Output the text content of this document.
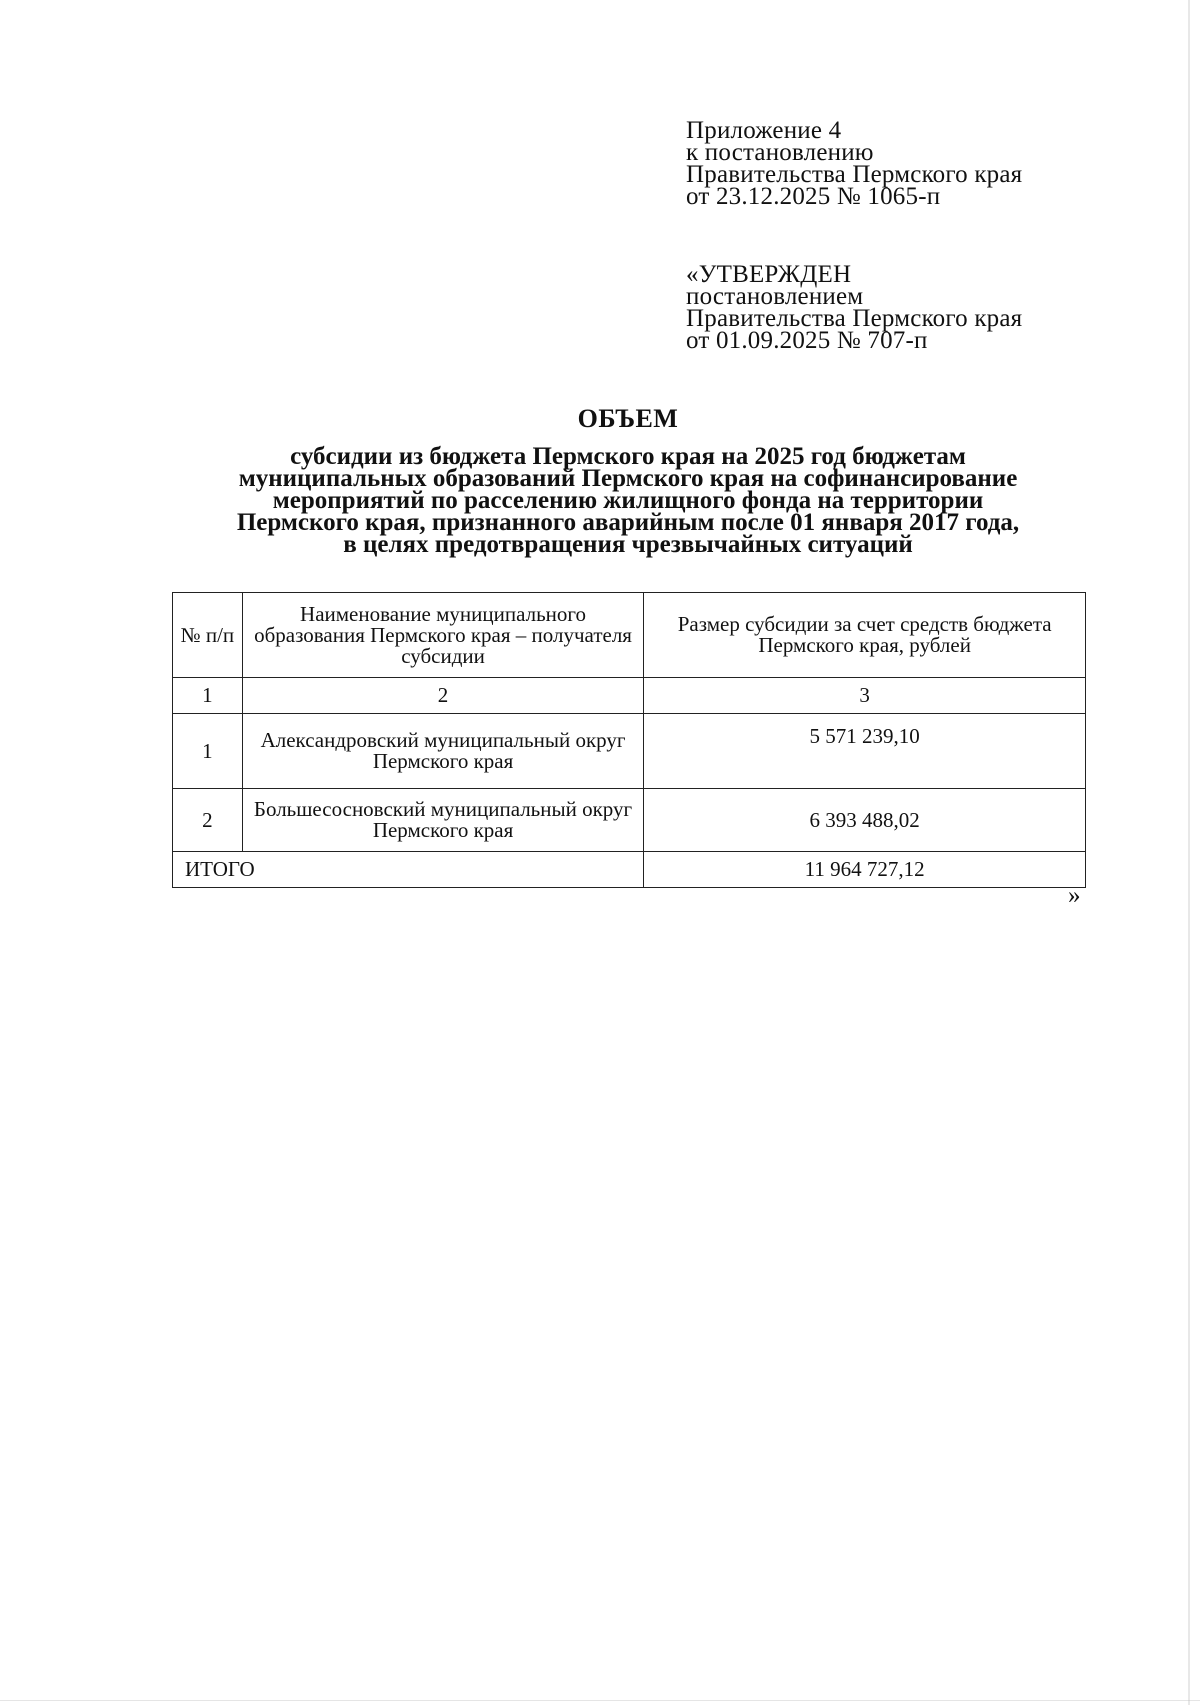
Приложение 4
к постановлению
Правительства Пермского края
от 23.12.2025 № 1065-п
«УТВЕРЖДЕН
постановлением
Правительства Пермского края
от 01.09.2025 № 707-п
ОБЪЕМ
субсидии из бюджета Пермского края на 2025 год бюджетам
муниципальных образований Пермского края на софинансирование
мероприятий по расселению жилищного фонда на территории
Пермского края, признанного аварийным после 01 января 2017 года,
в целях предотвращения чрезвычайных ситуаций
№ п/п	Наименование муниципального образования Пермского края – получателя субсидии	Размер субсидии за счет средств бюджета Пермского края, рублей
1	2	3
1	Александровский муниципальный округ Пермского края	5 571 239,10
2	Большесосновский муниципальный округ Пермского края	6 393 488,02
ИТОГО		11 964 727,12
»
